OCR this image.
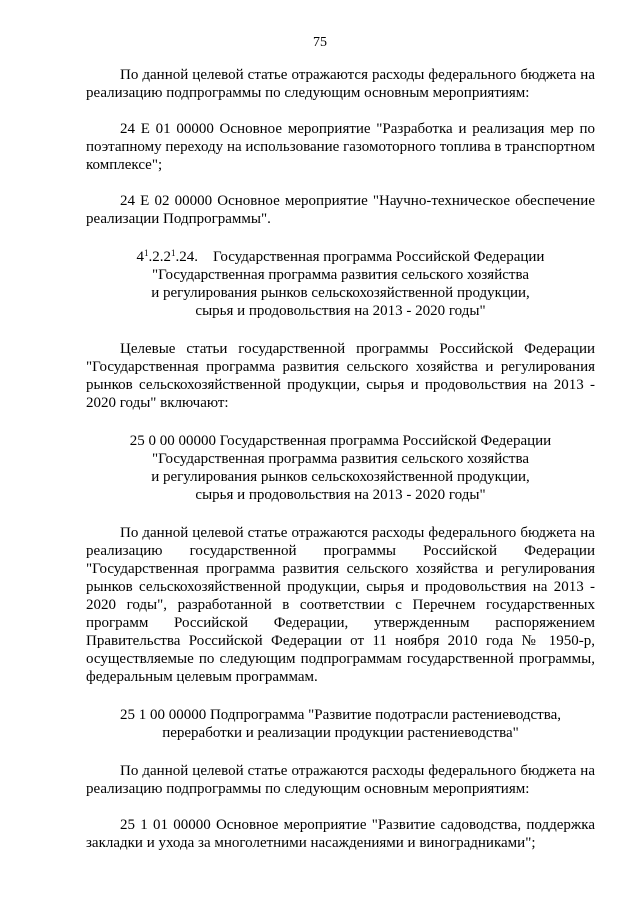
75

По данной целевой статье отражаются расходы федерального бюджета на реализацию подпрограммы по следующим основным мероприятиям:

24 Е 01 00000 Основное мероприятие "Разработка и реализация мер по поэтапному переходу на использование газомоторного топлива в транспортном комплексе";

24 Е 02 00000 Основное мероприятие "Научно-техническое обеспечение реализации Подпрограммы".

$4^1.2.2^1.24$. Государственная программа Российской Федерации

"Государственная программа развития сельского хозяйства

и регулирования рынков сельскохозяйственной продукции,

сырья и продовольствия на 2013 - 2020 годы"

Целевые статьи государственной программы Российской Федерации "Государственная программа развития сельского хозяйства и регулирования рынков сельскохозяйственной продукции, сырья и продовольствия на 2013 - 2020 годы" включают:

25 0 00 00000 Государственная программа Российской Федерации

"Государственная программа развития сельского хозяйства

и регулирования рынков сельскохозяйственной продукции,

сырья и продовольствия на 2013 - 2020 годы"

По данной целевой статье отражаются расходы федерального бюджета на реализацию государственной программы Российской Федерации "Государственная программа развития сельского хозяйства и регулирования рынков сельскохозяйственной продукции, сырья и продовольствия на 2013 - 2020 годы", разработанной в соответствии с Перечнем государственных программ Российской Федерации, утвержденным распоряжением Правительства Российской Федерации от 11 ноября 2010 года № 1950-р, осуществляемые по следующим подпрограммам государственной программы, федеральным целевым программам.

25 1 00 00000 Подпрограмма "Развитие подотрасли растениеводства,

переработки и реализации продукции растениеводства"

По данной целевой статье отражаются расходы федерального бюджета на реализацию подпрограммы по следующим основным мероприятиям:

25 1 01 00000 Основное мероприятие "Развитие садоводства, поддержка закладки и ухода за многолетними насаждениями и виноградниками";
